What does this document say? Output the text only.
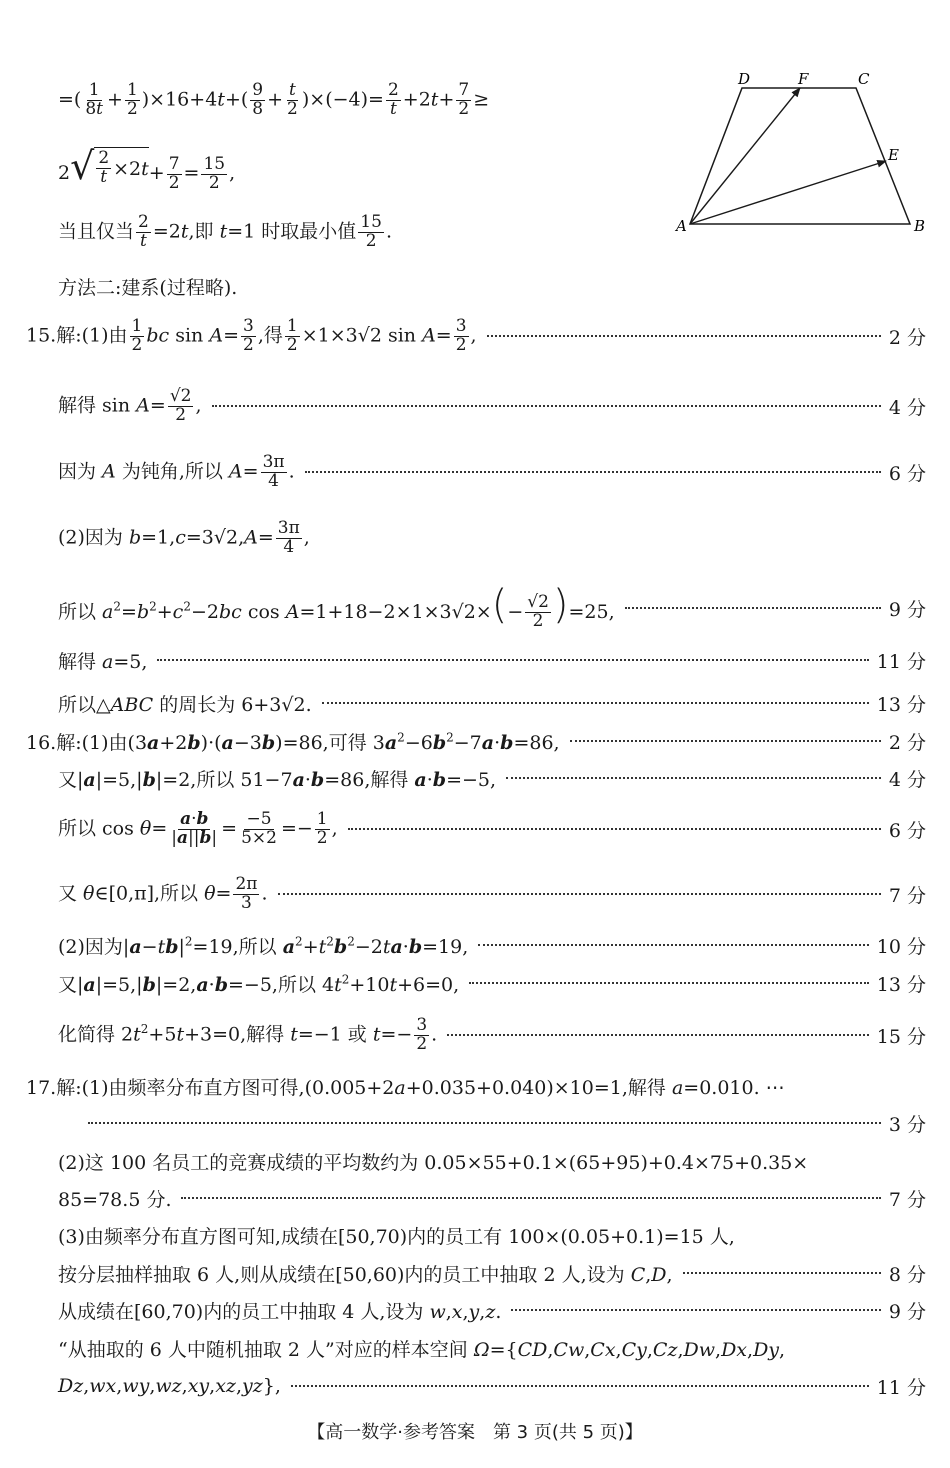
=( $\frac{1}{8t} + \frac{1}{2} )\times 16+4t+( \frac{9}{8} + \frac{t}{2} )\times(-4)= \frac{2}{t} +2t+ \frac{7}{2}$ ≥
2 √ $\frac{2}{t} \times 2$ $t + \frac{7}{2} = \frac{15}{2}$ ,
当且仅当 $\frac{2}{t} =2t$,即 t=1 时取最小值 $\frac{15}{2}$ .
方法二:建系(过程略).
15.解:(1)由 $\frac{1}{2}$ bc $\sin A= \frac{3}{2}$ ,得 $\frac{1}{2} \times 1\times 3√2$ $\sin A= \frac{3}{2}$ ,	2 分
解得 $\sin A= \frac{√2}{2}$ ,	4 分
因为 A 为钝角,所以 $A= \frac{3\pi}{4}$ .	6 分
(2)因为 $b=1,c=3√2,A= \frac{3\pi}{4}$ ,
所以 $a^2=b^2+c^2-2bc$ $\cos A=1+18-2\times 1\times 3√2\times(- \frac{√2}{2} )=25$,	9 分
解得 a=5,	11 分
所以△ABC 的周长为 6+3√2.	13 分
16.解:(1)由(3a+2b)·(a−3b)=86,可得 $3a^2-6b^2-7a\cdot b=86$,	2 分
又|a|=5,|b|=2,所以 51−7a·b=86,解得 a·b=−5,	4 分
所以 $\cos \theta= \frac{a\cdot b}{|a||b|} = \frac{-5}{5\times 2} =- \frac{1}{2}$ ,	6 分
又 θ∈[0,π],所以 $\theta= \frac{2\pi}{3}$ .	7 分
(2)因为$|a-tb|^2=19$,所以 $a^2+t^2b^2-2ta\cdot b=19$,	10 分
又|a|=5,|b|=2,a·b=−5,所以 $4t^2+10t+6=0$,	13 分
化简得 $2t^2+5t+3=0$,解得 t=−1 或 $t=- \frac{3}{2}$ .	15 分
17.解:(1)由频率分布直方图可得,(0.005+2a+0.035+0.040)×10=1,解得 a=0.010. ⋯
3 分
(2)这 100 名员工的竞赛成绩的平均数约为 0.05×55+0.1×(65+95)+0.4×75+0.35×
85=78.5 分.	7 分
(3)由频率分布直方图可知,成绩在[50,70)内的员工有 100×(0.05+0.1)=15 人,
按分层抽样抽取 6 人,则从成绩在[50,60)内的员工中抽取 2 人,设为 C,D,	8 分
从成绩在[60,70)内的员工中抽取 4 人,设为 w,x,y,z.	9 分
“从抽取的 6 人中随机抽取 2 人”对应的样本空间 Ω={CD,Cw,Cx,Cy,Cz,Dw,Dx,Dy,
Dz,wx,wy,wz,xy,xz,yz},	11 分
A	B
C
D
E
F
【高一数学·参考答案　第 3 页(共 5 页)】
